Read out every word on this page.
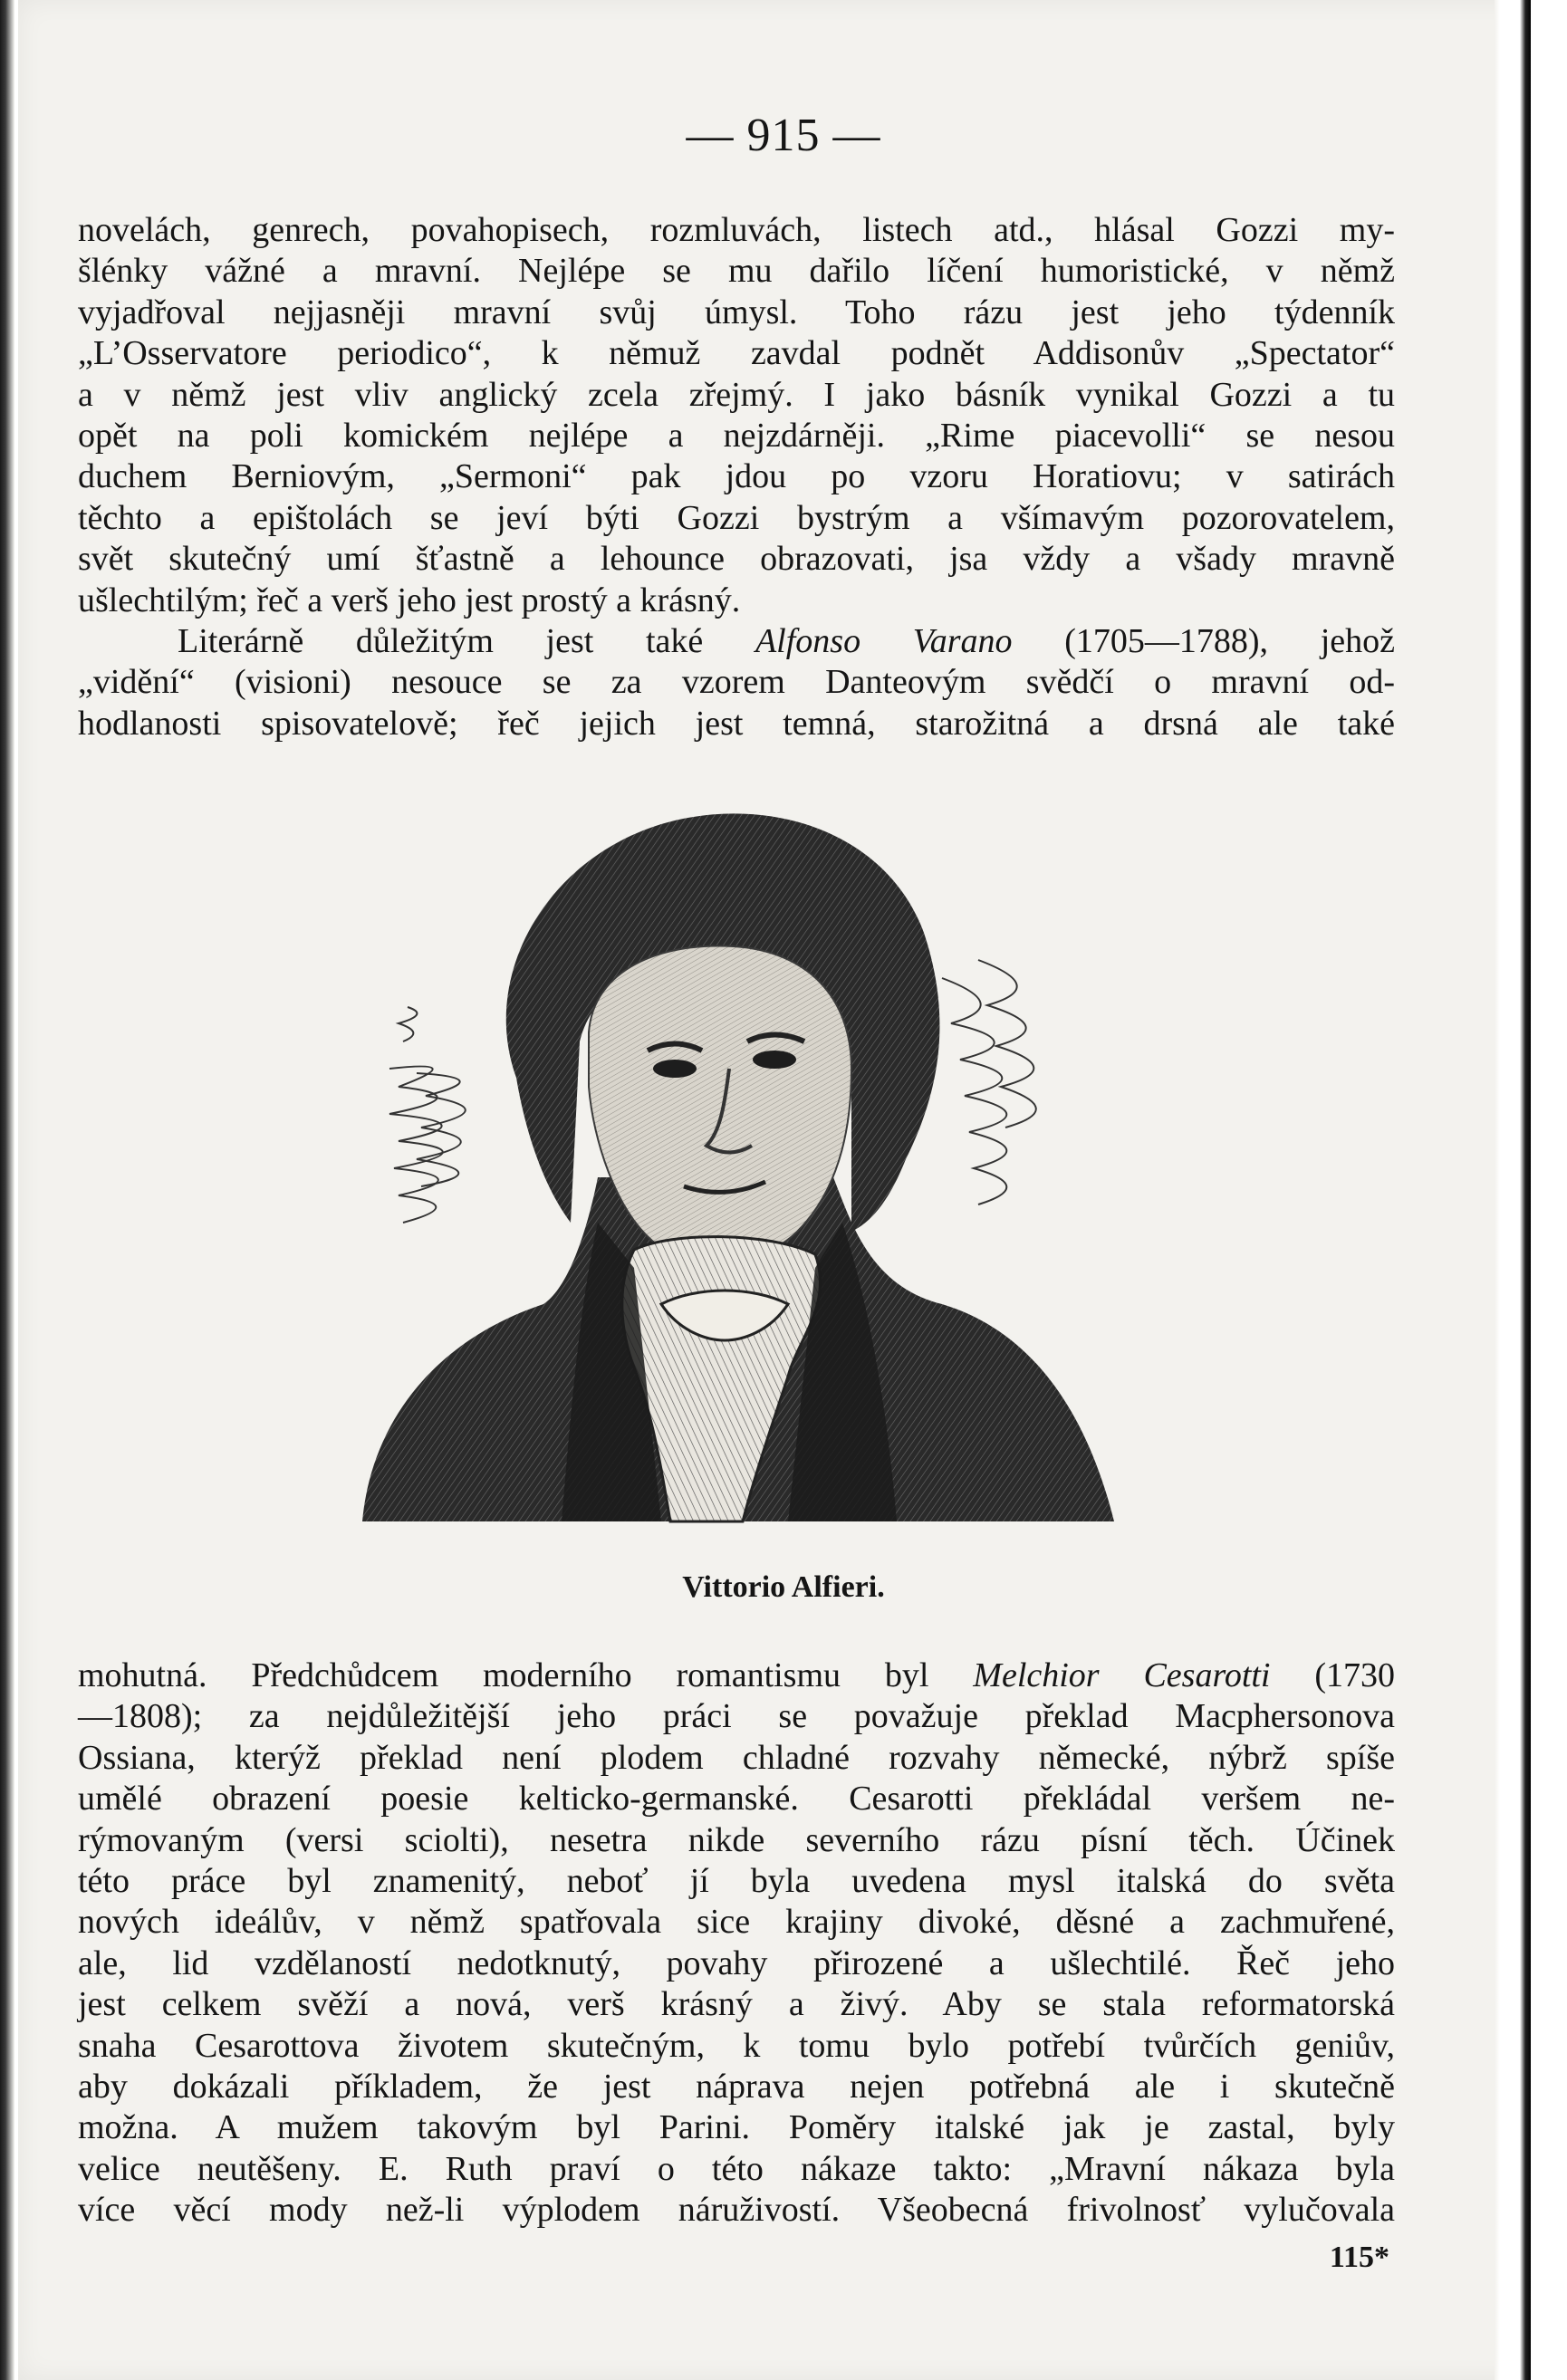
— 915 —
novelách, genrech, povahopisech, rozmluvách, listech atd., hlásal Gozzi my-
šlénky vážné a mravní. Nejlépe se mu dařilo líčení humoristické, v němž
vyjadřoval nejjasněji mravní svůj úmysl. Toho rázu jest jeho týdenník
„L’Osservatore periodico“, k němuž zavdal podnět Addisonův „Spectator“
a v němž jest vliv anglický zcela zřejmý. I jako básník vynikal Gozzi a tu
opět na poli komickém nejlépe a nejzdárněji. „Rime piacevolli“ se nesou
duchem Berniovým, „Sermoni“ pak jdou po vzoru Horatiovu; v satirách
těchto a epištolách se jeví býti Gozzi bystrým a všímavým pozorovatelem,
svět skutečný umí šťastně a lehounce obrazovati, jsa vždy a všady mravně
ušlechtilým; řeč a verš jeho jest prostý a krásný.
Literárně důležitým jest také Alfonso Varano (1705—1788), jehož
„vidění“ (visioni) nesouce se za vzorem Danteovým svědčí o mravní od-
hodlanosti spisovatelově; řeč jejich jest temná, starožitná a drsná ale také
Vittorio Alfieri.
mohutná. Předchůdcem moderního romantismu byl Melchior Cesarotti (1730
—1808); za nejdůležitější jeho práci se považuje překlad Macphersonova
Ossiana, kterýž překlad není plodem chladné rozvahy německé, nýbrž spíše
umělé obrazení poesie kelticko-germanské. Cesarotti překládal veršem ne-
rýmovaným (versi sciolti), nesetra nikde severního rázu písní těch. Účinek
této práce byl znamenitý, neboť jí byla uvedena mysl italská do světa
nových ideálův, v němž spatřovala sice krajiny divoké, děsné a zachmuřené,
ale, lid vzdělaností nedotknutý, povahy přirozené a ušlechtilé. Řeč jeho
jest celkem svěží a nová, verš krásný a živý. Aby se stala reformatorská
snaha Cesarottova životem skutečným, k tomu bylo potřebí tvůrčích geniův,
aby dokázali příkladem, že jest náprava nejen potřebná ale i skutečně
možna. A mužem takovým byl Parini. Poměry italské jak je zastal, byly
velice neutěšeny. E. Ruth praví o této nákaze takto: „Mravní nákaza byla
více věcí mody než-li výplodem náruživostí. Všeobecná frivolnosť vylučovala
115*
